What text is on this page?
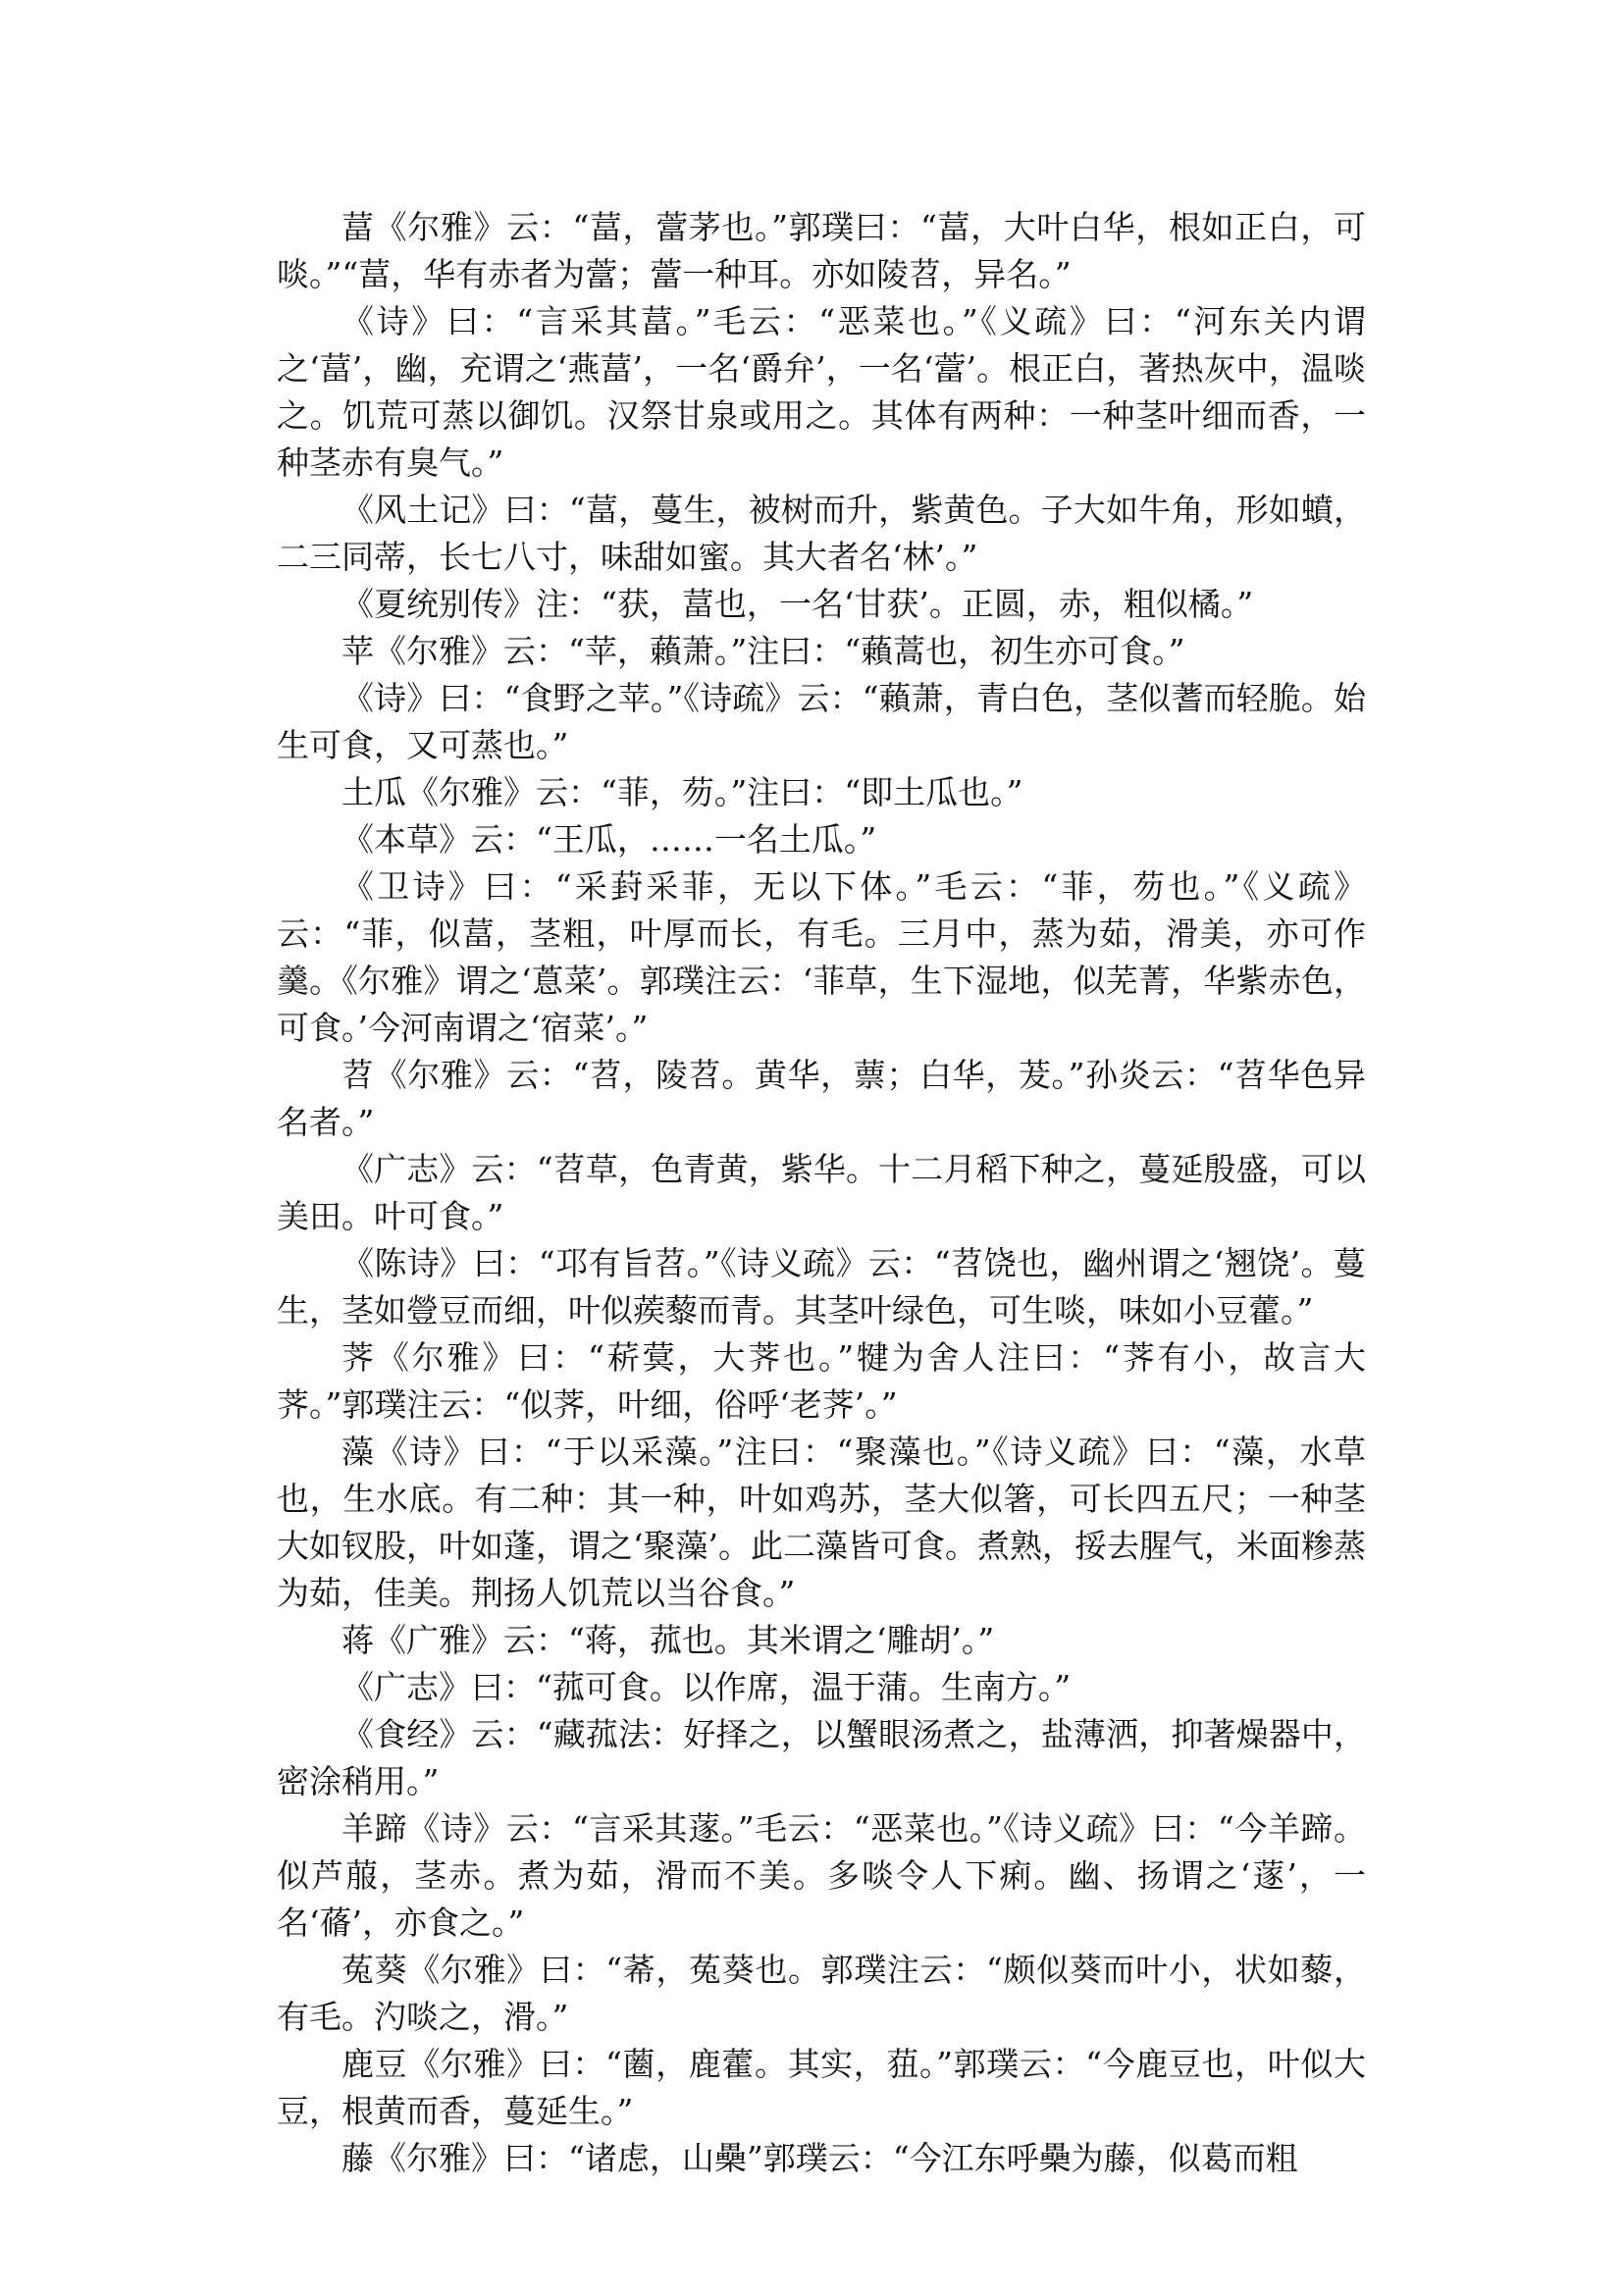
葍《尔雅》云：“葍，䔰茅也。”郭璞曰：“葍，大叶白华，根如正白，可啖。”“葍，华有赤者为䔰；䔰一种耳。亦如陵苕，异名。”

《诗》曰：“言采其葍。”毛云：“恶菜也。”《义疏》曰：“河东关内谓之‘葍’，幽，充谓之‘燕葍’，一名‘爵弁’，一名‘䔰’。根正白，著热灰中，温啖之。饥荒可蒸以御饥。汉祭甘泉或用之。其体有两种：一种茎叶细而香，一种茎赤有臭气。”

《风土记》曰：“葍，蔓生，被树而升，紫黄色。子大如牛角，形如蟦，二三同蒂，长七八寸，味甜如蜜。其大者名‘林’。”

《夏统别传》注：“获，葍也，一名‘甘获’。正圆，赤，粗似橘。”

苹《尔雅》云：“苹，藾萧。”注曰：“藾蒿也，初生亦可食。”

《诗》曰：“食野之苹。”《诗疏》云：“藾萧，青白色，茎似蓍而轻脆。始生可食，又可蒸也。”

土瓜《尔雅》云：“菲，芴。”注曰：“即土瓜也。”

《本草》云：“王瓜，……一名土瓜。”

《卫诗》曰：“采葑采菲，无以下体。”毛云：“菲，芴也。”《义疏》云：“菲，似葍，茎粗，叶厚而长，有毛。三月中，蒸为茹，滑美，亦可作羹。《尔雅》谓之‘蒠菜’。郭璞注云：‘菲草，生下湿地，似芜菁，华紫赤色，可食。’今河南谓之‘宿菜’。”

苕《尔雅》云：“苕，陵苕。黄华，蔈；白华，茇。”孙炎云：“苕华色异名者。”

《广志》云：“苕草，色青黄，紫华。十二月稻下种之，蔓延殷盛，可以美田。叶可食。”

《陈诗》曰：“邛有旨苕。”《诗义疏》云：“苕饶也，幽州谓之‘翘饶’。蔓生，茎如䝁豆而细，叶似蒺藜而青。其茎叶绿色，可生啖，味如小豆藿。”

荠《尔雅》曰：“菥蓂，大荠也。”犍为舍人注曰：“荠有小，故言大荠。”郭璞注云：“似荠，叶细，俗呼‘老荠’。”

藻《诗》曰：“于以采藻。”注曰：“聚藻也。”《诗义疏》曰：“藻，水草也，生水底。有二种：其一种，叶如鸡苏，茎大似箸，可长四五尺；一种茎大如钗股，叶如蓬，谓之‘聚藻’。此二藻皆可食。煮熟，挼去腥气，米面糁蒸为茹，佳美。荆扬人饥荒以当谷食。”

蒋《广雅》云：“蒋，菰也。其米谓之‘雕胡’。”

《广志》曰：“菰可食。以作席，温于蒲。生南方。”

《食经》云：“藏菰法：好择之，以蟹眼汤煮之，盐薄洒，抑著燥器中，密涂稍用。”

羊蹄《诗》云：“言采其蓫。”毛云：“恶菜也。”《诗义疏》曰：“今羊蹄。似芦菔，茎赤。煮为茹，滑而不美。多啖令人下痢。幽、扬谓之‘蓫’，一名‘蓨’，亦食之。”

菟葵《尔雅》曰：“莃，菟葵也。郭璞注云：“颇似葵而叶小，状如藜，有毛。汋啖之，滑。”

鹿豆《尔雅》曰：“蔨，鹿藿。其实，莥。”郭璞云：“今鹿豆也，叶似大豆，根黄而香，蔓延生。”

藤《尔雅》曰：“诸虑，山櫐”郭璞云：“今江东呼櫐为藤，似葛而粗
